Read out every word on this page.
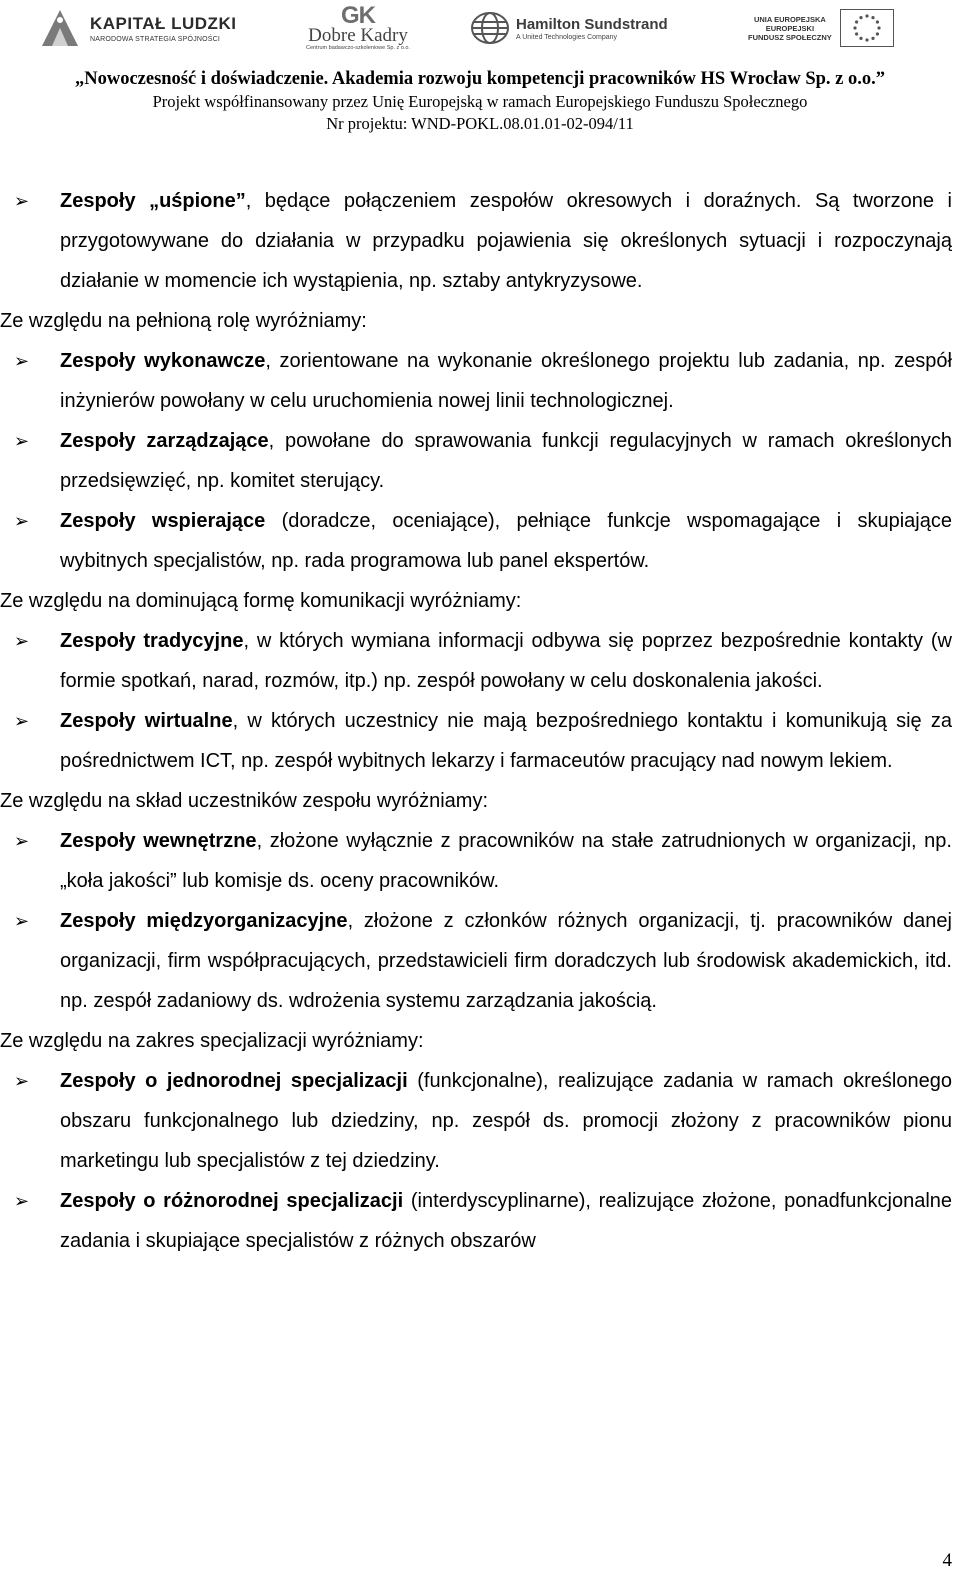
KAPITAŁ LUDZKI
NARODOWA STRATEGIA SPÓJNOŚCI
GK
Dobre Kadry
Centrum badawczo-szkoleniowe Sp. z o.o.
Hamilton Sundstrand
A United Technologies Company
UNIA EUROPEJSKA
EUROPEJSKI
FUNDUSZ SPOŁECZNY
„Nowoczesność i doświadczenie. Akademia rozwoju kompetencji pracowników HS Wrocław Sp. z o.o.”
Projekt współfinansowany przez Unię Europejską w ramach Europejskiego Funduszu Społecznego
Nr projektu: WND-POKL.08.01.01-02-094/11
➢ Zespoły „uśpione”, będące połączeniem zespołów okresowych i doraźnych. Są tworzone i przygotowywane do działania w przypadku pojawienia się określonych sytuacji i rozpoczynają działanie w momencie ich wystąpienia, np. sztaby antykryzysowe.

Ze względu na pełnioną rolę wyróżniamy:

➢ Zespoły wykonawcze, zorientowane na wykonanie określonego projektu lub zadania, np. zespół inżynierów powołany w celu uruchomienia nowej linii technologicznej.
➢ Zespoły zarządzające, powołane do sprawowania funkcji regulacyjnych w ramach określonych przedsięwzięć, np. komitet sterujący.
➢ Zespoły wspierające (doradcze, oceniające), pełniące funkcje wspomagające i skupiające wybitnych specjalistów, np. rada programowa lub panel ekspertów.

Ze względu na dominującą formę komunikacji wyróżniamy:

➢ Zespoły tradycyjne, w których wymiana informacji odbywa się poprzez bezpośrednie kontakty (w formie spotkań, narad, rozmów, itp.) np. zespół powołany w celu doskonalenia jakości.
➢ Zespoły wirtualne, w których uczestnicy nie mają bezpośredniego kontaktu i komunikują się za pośrednictwem ICT, np. zespół wybitnych lekarzy i farmaceutów pracujący nad nowym lekiem.

Ze względu na skład uczestników zespołu wyróżniamy:

➢ Zespoły wewnętrzne, złożone wyłącznie z pracowników na stałe zatrudnionych w organizacji, np. „koła jakości” lub komisje ds. oceny pracowników.
➢ Zespoły międzyorganizacyjne, złożone z członków różnych organizacji, tj. pracowników danej organizacji, firm współpracujących, przedstawicieli firm doradczych lub środowisk akademickich, itd. np. zespół zadaniowy ds. wdrożenia systemu zarządzania jakością.

Ze względu na zakres specjalizacji wyróżniamy:

➢ Zespoły o jednorodnej specjalizacji (funkcjonalne), realizujące zadania w ramach określonego obszaru funkcjonalnego lub dziedziny, np. zespół ds. promocji złożony z pracowników pionu marketingu lub specjalistów z tej dziedziny.
➢ Zespoły o różnorodnej specjalizacji (interdyscyplinarne), realizujące złożone, ponadfunkcjonalne zadania i skupiające specjalistów z różnych obszarów
4
